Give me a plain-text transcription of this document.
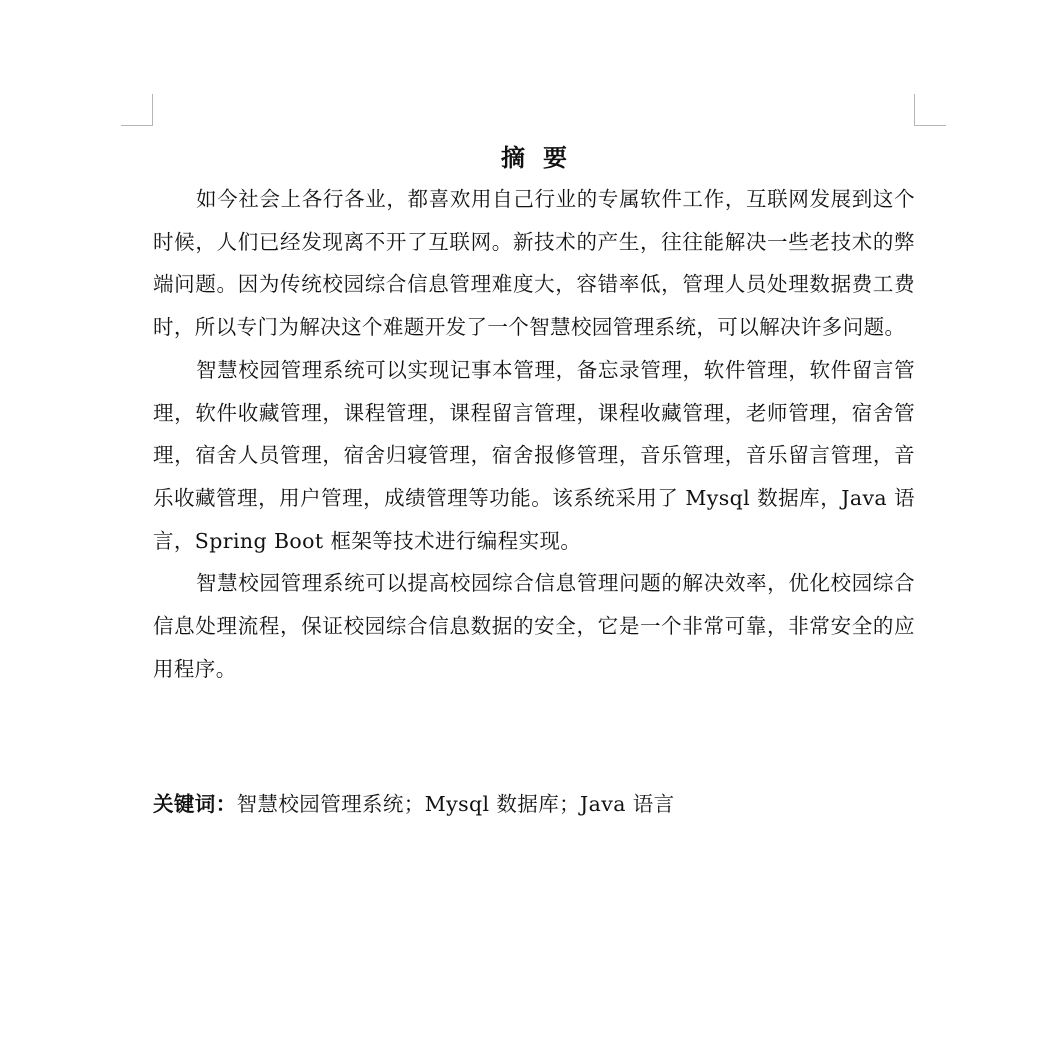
摘要

如今社会上各行各业，都喜欢用自己行业的专属软件工作，互联网发展到这个时候，人们已经发现离不开了互联网。新技术的产生，往往能解决一些老技术的弊端问题。因为传统校园综合信息管理难度大，容错率低，管理人员处理数据费工费时，所以专门为解决这个难题开发了一个智慧校园管理系统，可以解决许多问题。

智慧校园管理系统可以实现记事本管理，备忘录管理，软件管理，软件留言管理，软件收藏管理，课程管理，课程留言管理，课程收藏管理，老师管理，宿舍管理，宿舍人员管理，宿舍归寝管理，宿舍报修管理，音乐管理，音乐留言管理，音乐收藏管理，用户管理，成绩管理等功能。该系统采用了 Mysql 数据库，Java 语言，Spring Boot 框架等技术进行编程实现。

智慧校园管理系统可以提高校园综合信息管理问题的解决效率，优化校园综合信息处理流程，保证校园综合信息数据的安全，它是一个非常可靠，非常安全的应用程序。

关键词：智慧校园管理系统；Mysql 数据库；Java 语言
